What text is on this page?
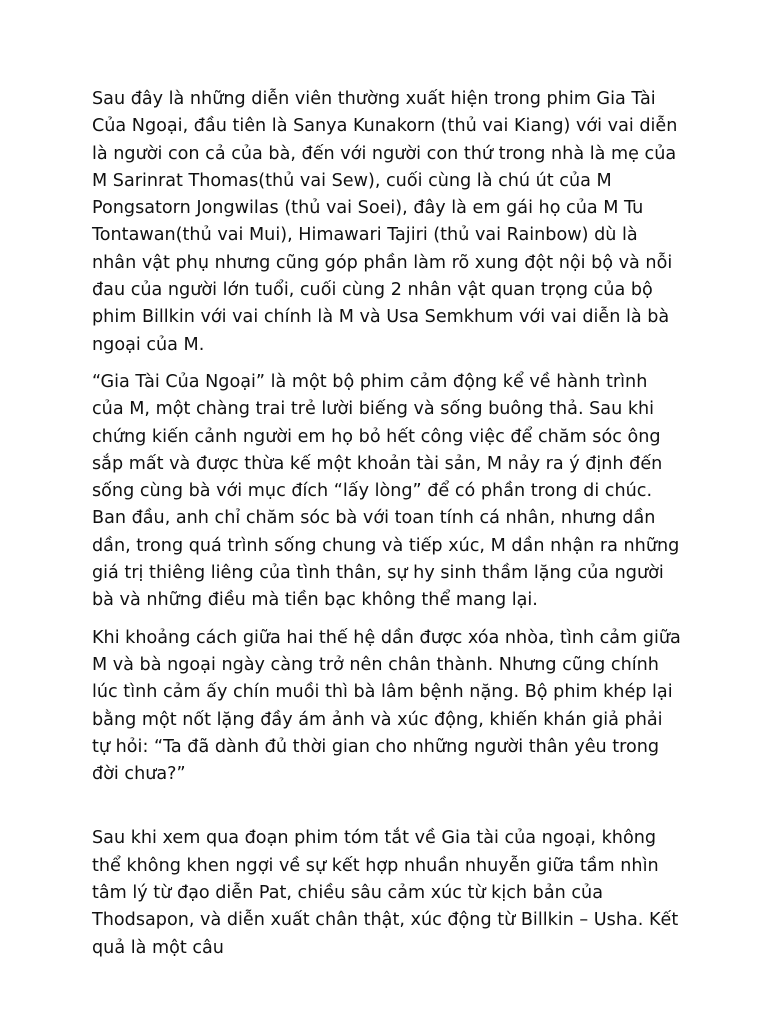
Sau đây là những diễn viên thường xuất hiện trong phim Gia Tài Của Ngoại, đầu tiên là Sanya Kunakorn (thủ vai Kiang) với vai diễn là người con cả của bà, đến với người con thứ trong nhà là mẹ của M Sarinrat Thomas(thủ vai Sew), cuối cùng là chú út của M Pongsatorn Jongwilas (thủ vai Soei), đây là em gái họ của M Tu Tontawan(thủ vai Mui), Himawari Tajiri (thủ vai Rainbow) dù là nhân vật phụ nhưng cũng góp phần làm rõ xung đột nội bộ và nỗi đau của người lớn tuổi, cuối cùng 2 nhân vật quan trọng của bộ phim Billkin với vai chính là M và Usa Semkhum với vai diễn là bà ngoại của M.

“Gia Tài Của Ngoại” là một bộ phim cảm động kể về hành trình của M, một chàng trai trẻ lười biếng và sống buông thả. Sau khi chứng kiến cảnh người em họ bỏ hết công việc để chăm sóc ông sắp mất và được thừa kế một khoản tài sản, M nảy ra ý định đến sống cùng bà với mục đích “lấy lòng” để có phần trong di chúc. Ban đầu, anh chỉ chăm sóc bà với toan tính cá nhân, nhưng dần dần, trong quá trình sống chung và tiếp xúc, M dần nhận ra những giá trị thiêng liêng của tình thân, sự hy sinh thầm lặng của người bà và những điều mà tiền bạc không thể mang lại.

Khi khoảng cách giữa hai thế hệ dần được xóa nhòa, tình cảm giữa M và bà ngoại ngày càng trở nên chân thành. Nhưng cũng chính lúc tình cảm ấy chín muồi thì bà lâm bệnh nặng. Bộ phim khép lại bằng một nốt lặng đầy ám ảnh và xúc động, khiến khán giả phải tự hỏi: “Ta đã dành đủ thời gian cho những người thân yêu trong đời chưa?”

Sau khi xem qua đoạn phim tóm tắt về Gia tài của ngoại, không thể không khen ngợi về sự kết hợp nhuần nhuyễn giữa tầm nhìn tâm lý từ đạo diễn Pat, chiều sâu cảm xúc từ kịch bản của Thodsapon, và diễn xuất chân thật, xúc động từ Billkin – Usha. Kết quả là một câu
